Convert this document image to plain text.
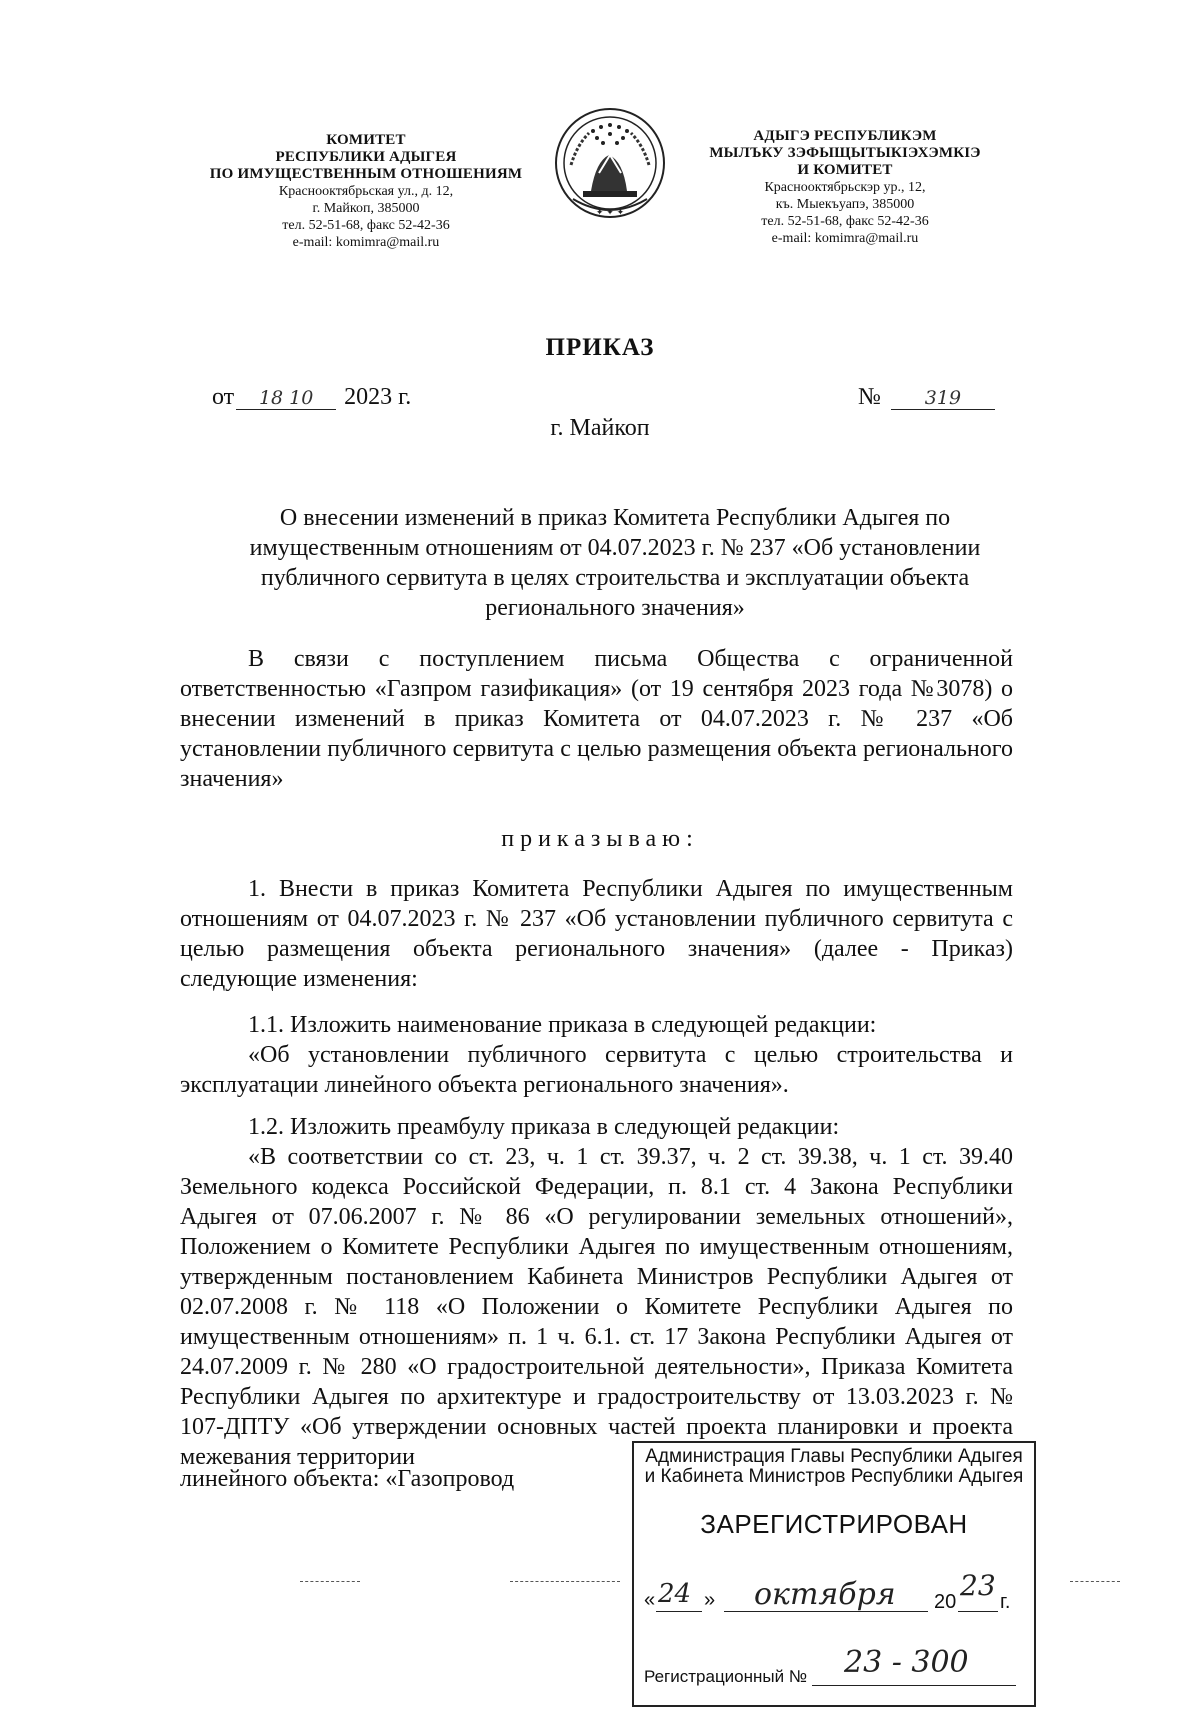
КОМИТЕТ
РЕСПУБЛИКИ АДЫГЕЯ
ПО ИМУЩЕСТВЕННЫМ ОТНОШЕНИЯМ
Краснооктябрьская ул., д. 12,
г. Майкоп, 385000
тел. 52-51-68, факс 52-42-36
e-mail: komimra@mail.ru
✦ ✦ ✦
АДЫГЭ РЕСПУБЛИКЭМ
МЫЛЪКУ ЗЭФЫЩЫТЫКIЭХЭМКIЭ
И КОМИТЕТ
Краснооктябрьскэр ур., 12,
къ. Мыекъуапэ, 385000
тел. 52-51-68, факс 52-42-36
e-mail: komimra@mail.ru
ПРИКАЗ
от	18 10	2023 г.	№	319
г. Майкоп
О внесении изменений в приказ Комитета Республики Адыгея по
имущественным отношениям от 04.07.2023 г. № 237 «Об установлении
публичного сервитута в целях строительства и эксплуатации объекта
регионального значения»
В связи с поступлением письма Общества с ограниченной ответственностью «Газпром газификация» (от 19 сентября 2023 года №3078) о внесении изменений в приказ Комитета от 04.07.2023 г. № 237 «Об установлении публичного сервитута с целью размещения объекта регионального значения»
приказываю:
1. Внести в приказ Комитета Республики Адыгея по имущественным отношениям от 04.07.2023 г. № 237 «Об установлении публичного сервитута с целью размещения объекта регионального значения» (далее - Приказ) следующие изменения:
1.1. Изложить наименование приказа в следующей редакции:
«Об установлении публичного сервитута с целью строительства и эксплуатации линейного объекта регионального значения».
1.2. Изложить преамбулу приказа в следующей редакции:
«В соответствии со ст. 23, ч. 1 ст. 39.37, ч. 2 ст. 39.38, ч. 1 ст. 39.40 Земельного кодекса Российской Федерации, п. 8.1 ст. 4 Закона Республики Адыгея от 07.06.2007 г. № 86 «О регулировании земельных отношений», Положением о Комитете Республики Адыгея по имущественным отношениям, утвержденным постановлением Кабинета Министров Республики Адыгея от 02.07.2008 г. № 118 «О Положении о Комитете Республики Адыгея по имущественным отношениям» п. 1 ч. 6.1. ст. 17 Закона Республики Адыгея от 24.07.2009 г. № 280 «О градостроительной деятельности», Приказа Комитета Республики Адыгея по архитектуре и градостроительству от 13.03.2023 г. № 107-ДПТУ «Об утверждении основных частей проекта планировки и проекта межевания территории
линейного объекта: «Газопровод
Администрация Главы Республики Адыгея
и Кабинета Министров Республики Адыгея
ЗАРЕГИСТРИРОВАН
« 24 » октября 20 23 г.
Регистрационный № 23 - 300
